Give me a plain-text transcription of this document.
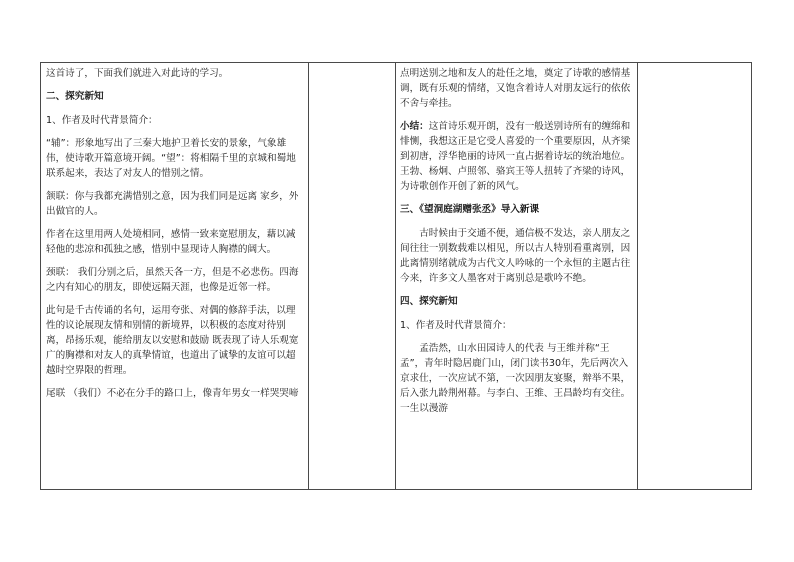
这首诗了，下面我们就进入对此诗的学习。

二、探究新知

1、作者及时代背景简介：

“辅”：形象地写出了三秦大地护卫着长安的景象，气象雄伟，使诗歌开篇意境开阔。“望”：将相隔千里的京城和蜀地联系起来，表达了对友人的惜别之情。

颔联：你与我都充满惜别之意，因为我们同是远离 家乡，外出做官的人。

作者在这里用两人处境相同，感情一致来宽慰朋友，藉以减轻他的悲凉和孤独之感，惜别中显现诗人胸襟的阔大。

颈联： 我们分别之后，虽然天各一方，但是不必悲伤。四海之内有知心的朋友，即使远隔天涯，也像是近邻一样。

此句是千古传诵的名句，运用夸张、对偶的修辞手法，以理性的议论展现友情和别情的新境界，以积极的态度对待别离，昂扬乐观，能给朋友以安慰和鼓励 既表现了诗人乐观宽广的胸襟和对友人的真挚情谊，也道出了诚挚的友谊可以超越时空界限的哲理。

尾联 （我们）不必在分手的路口上，像青年男女一样哭哭啼

点明送别之地和友人的赴任之地，奠定了诗歌的感情基调，既有乐观的情绪，又饱含着诗人对朋友远行的依依不舍与牵挂。

小结：这首诗乐观开朗，没有一般送别诗所有的缠绵和悱恻，我想这正是它受人喜爱的一个重要原因，从齐梁到初唐，浮华艳丽的诗风一直占据着诗坛的统治地位。王勃、杨炯、卢照邻、骆宾王等人扭转了齐梁的诗风，为诗歌创作开创了新的风气。

三、《望洞庭湖赠张丞》导入新课

古时候由于交通不便，通信极不发达，亲人朋友之间往往一别数载难以相见，所以古人特别看重离别，因此离情别绪就成为古代文人吟咏的一个永恒的主题古往今来，许多文人墨客对于离别总是歌吟不绝。

四、探究新知

1、作者及时代背景简介：

孟浩然，山水田园诗人的代表 与王维并称“王孟”，青年时隐居鹿门山，闭门读书30年，先后两次入京求仕，一次应试不第，一次因朋友宴聚，辩举不果，后入张九龄荆州幕。与李白、王维、王昌龄均有交往。一生以漫游
